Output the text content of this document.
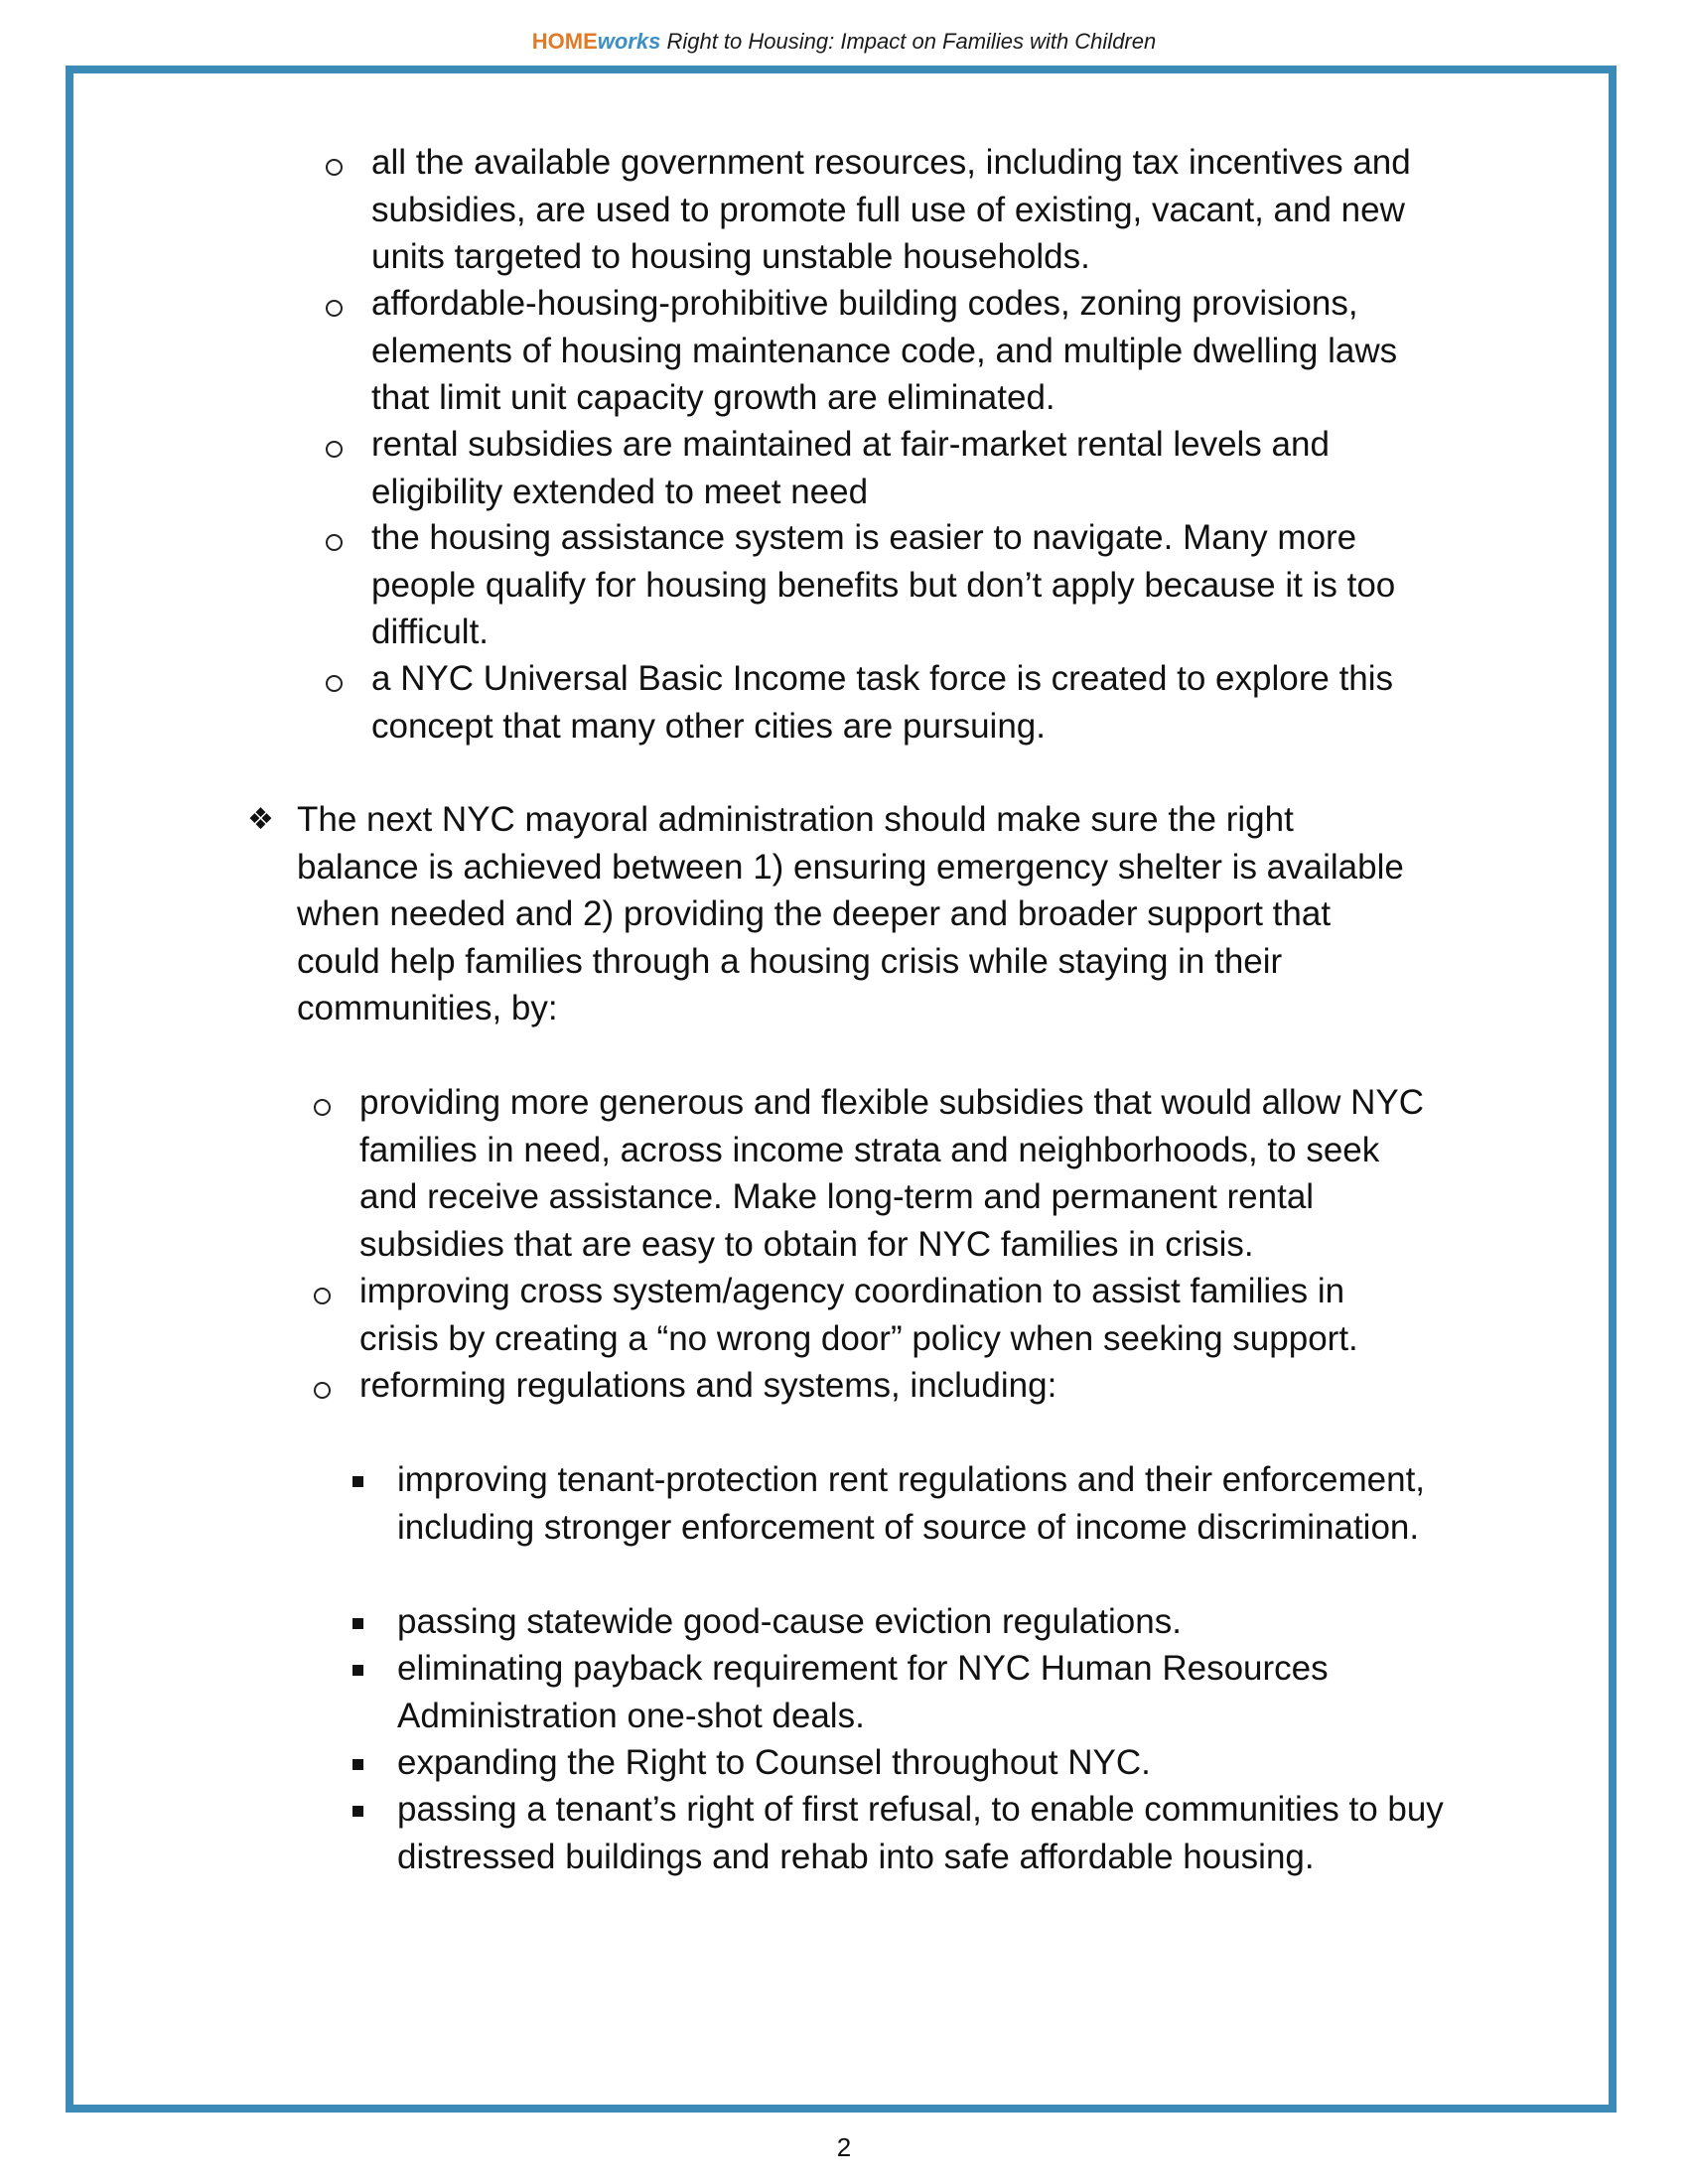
HOMEworks Right to Housing: Impact on Families with Children
all the available government resources, including tax incentives and subsidies, are used to promote full use of existing, vacant, and new units targeted to housing unstable households.
affordable-housing-prohibitive building codes, zoning provisions, elements of housing maintenance code, and multiple dwelling laws that limit unit capacity growth are eliminated.
rental subsidies are maintained at fair-market rental levels and eligibility extended to meet need
the housing assistance system is easier to navigate. Many more people qualify for housing benefits but don’t apply because it is too difficult.
a NYC Universal Basic Income task force is created to explore this concept that many other cities are pursuing.
❖ The next NYC mayoral administration should make sure the right balance is achieved between 1) ensuring emergency shelter is available when needed and 2) providing the deeper and broader support that could help families through a housing crisis while staying in their communities, by:
providing more generous and flexible subsidies that would allow NYC families in need, across income strata and neighborhoods, to seek and receive assistance. Make long-term and permanent rental subsidies that are easy to obtain for NYC families in crisis.
improving cross system/agency coordination to assist families in crisis by creating a “no wrong door” policy when seeking support.
reforming regulations and systems, including:
improving tenant-protection rent regulations and their enforcement, including stronger enforcement of source of income discrimination.
passing statewide good-cause eviction regulations.
eliminating payback requirement for NYC Human Resources Administration one-shot deals.
expanding the Right to Counsel throughout NYC.
passing a tenant’s right of first refusal, to enable communities to buy distressed buildings and rehab into safe affordable housing.
2
